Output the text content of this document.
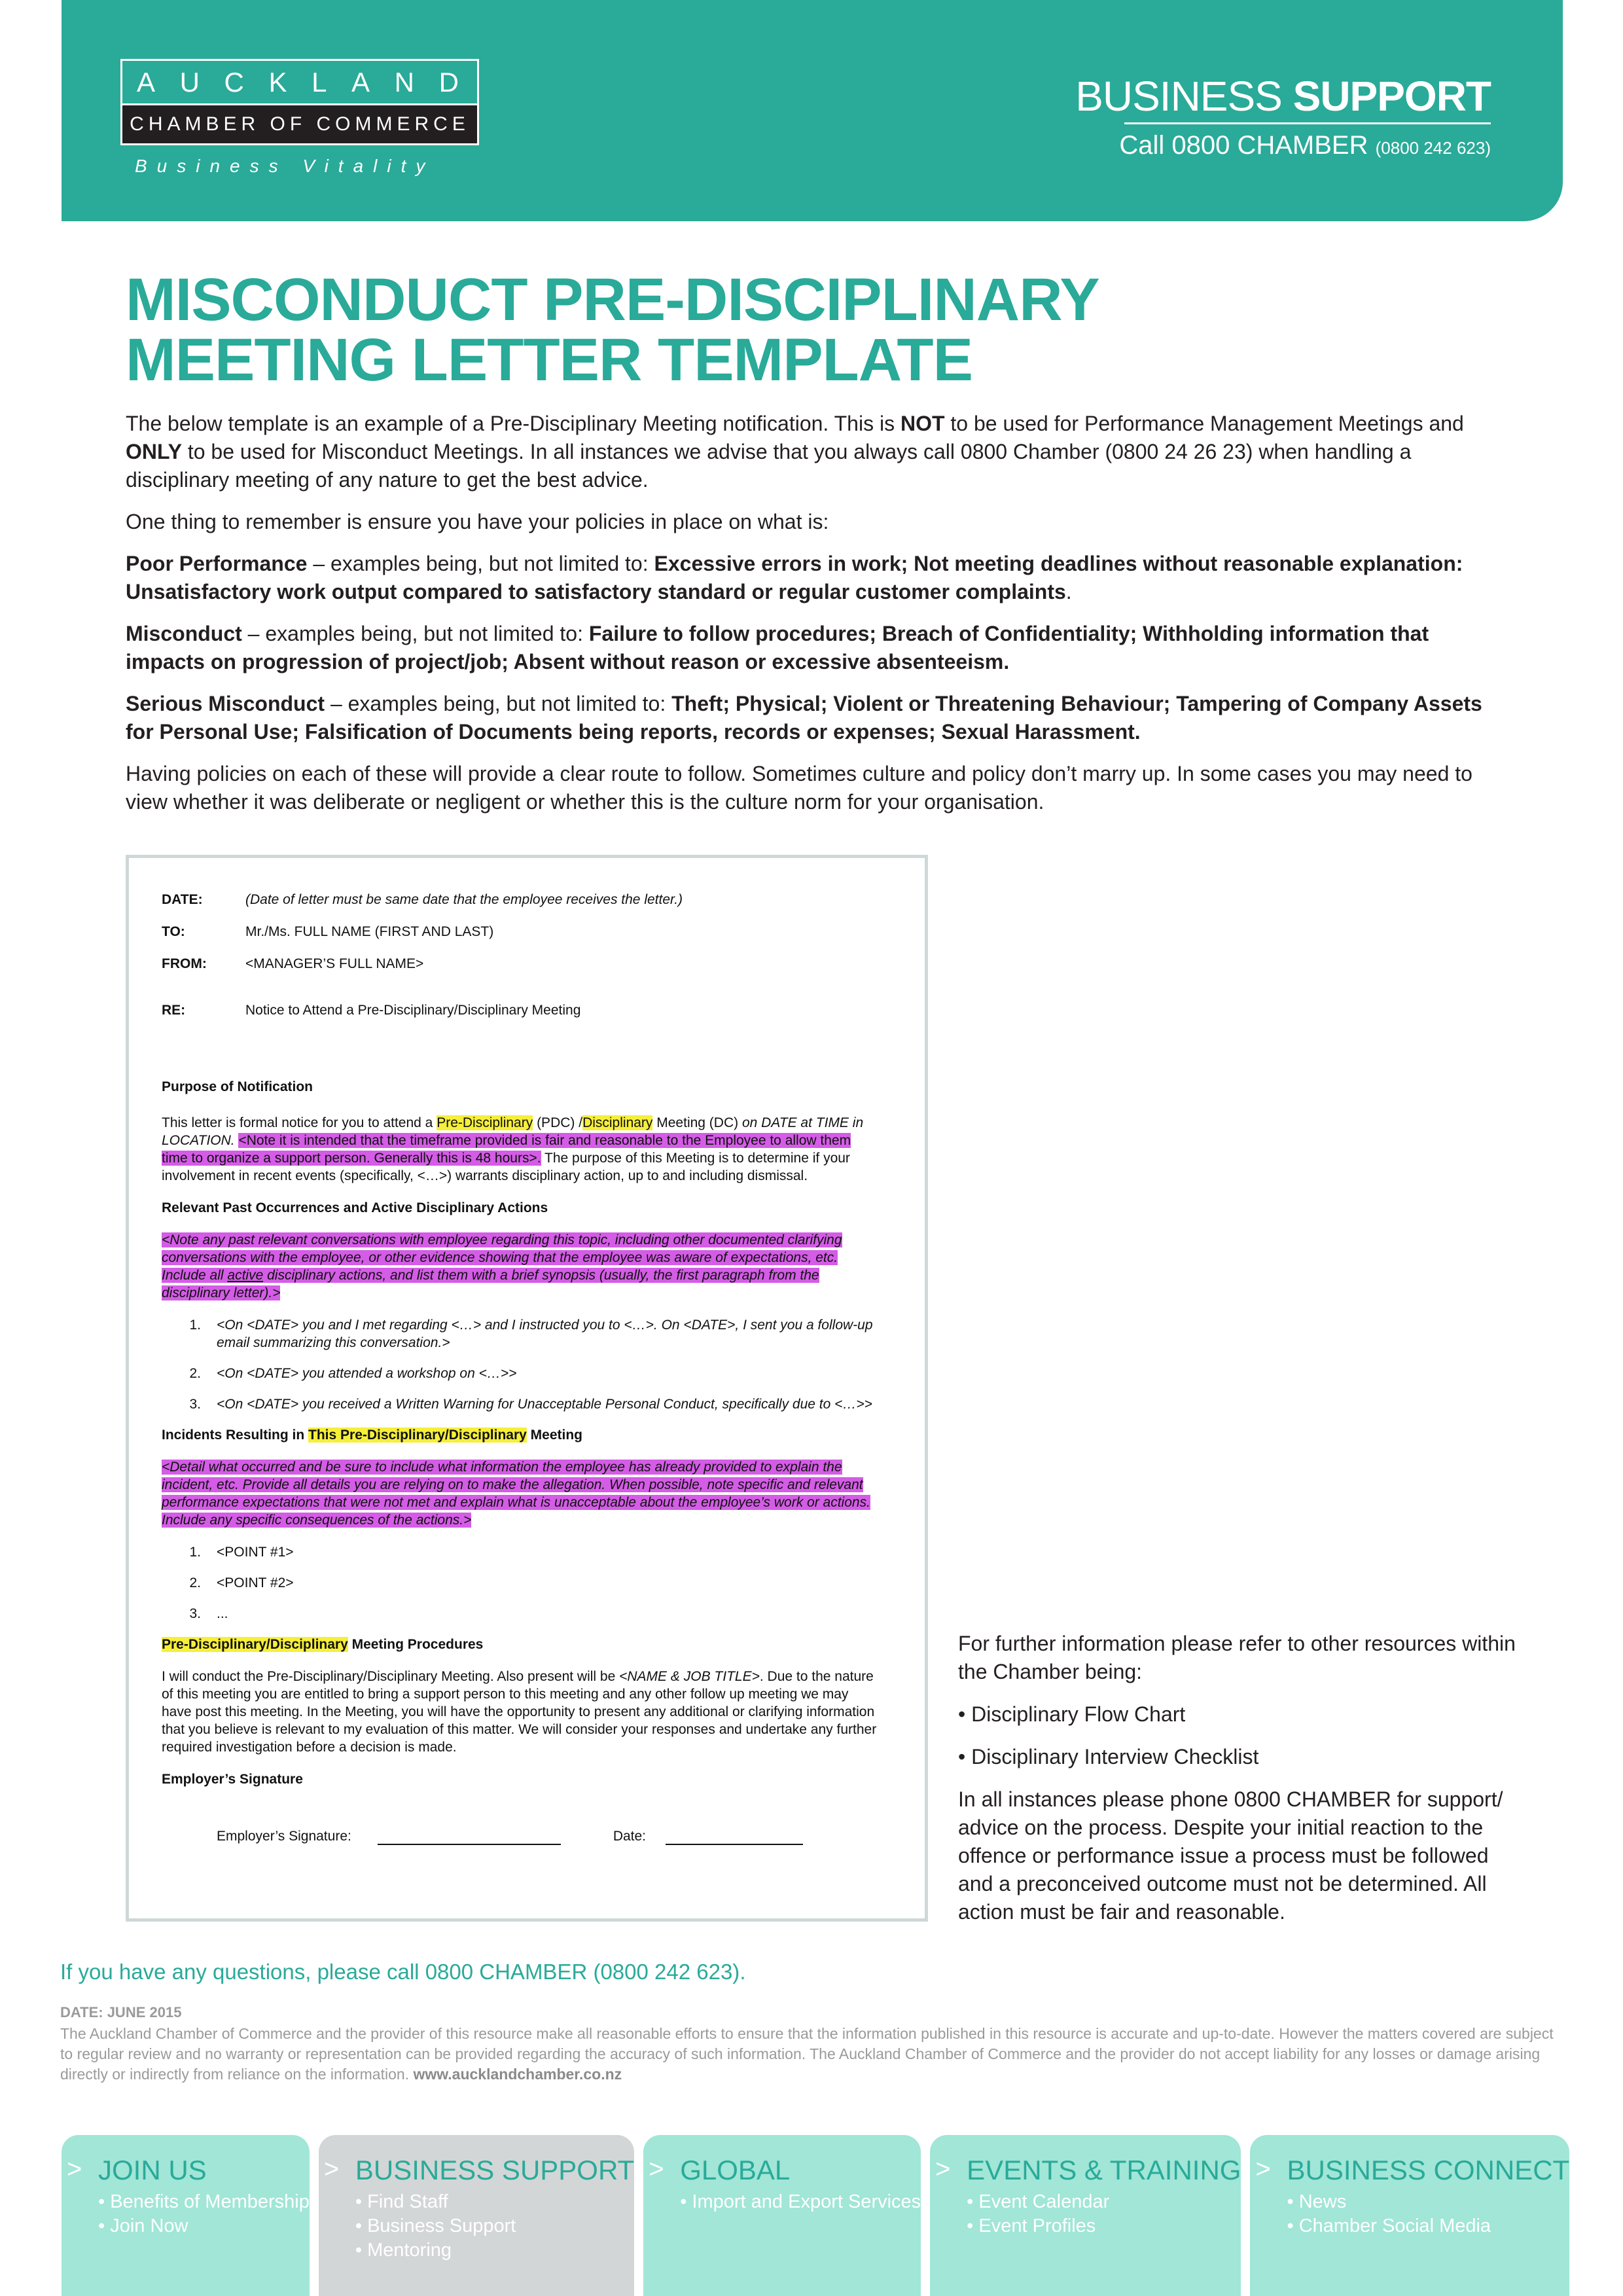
A U C K L A N D
CHAMBER OF COMMERCE
Business Vitality
BUSINESS SUPPORT
Call 0800 CHAMBER (0800 242 623)
MISCONDUCT PRE-DISCIPLINARY
MEETING LETTER TEMPLATE

The below template is an example of a Pre-Disciplinary Meeting notification. This is NOT to be used for Performance Management Meetings and ONLY to be used for Misconduct Meetings. In all instances we advise that you always call 0800 Chamber (0800 24 26 23) when handling a disciplinary meeting of any nature to get the best advice.

One thing to remember is ensure you have your policies in place on what is:

Poor Performance – examples being, but not limited to: Excessive errors in work; Not meeting deadlines without reasonable explanation: Unsatisfactory work output compared to satisfactory standard or regular customer complaints.

Misconduct – examples being, but not limited to: Failure to follow procedures; Breach of Confidentiality; Withholding information that impacts on progression of project/job; Absent without reason or excessive absenteeism.

Serious Misconduct – examples being, but not limited to: Theft; Physical; Violent or Threatening Behaviour; Tampering of Company Assets for Personal Use; Falsification of Documents being reports, records or expenses; Sexual Harassment.

Having policies on each of these will provide a clear route to follow. Sometimes culture and policy don’t marry up. In some cases you may need to view whether it was deliberate or negligent or whether this is the culture norm for your organisation.

DATE:	(Date of letter must be same date that the employee receives the letter.)
TO:	Mr./Ms. FULL NAME (FIRST AND LAST)
FROM:	<MANAGER’S FULL NAME>
RE:	Notice to Attend a Pre-Disciplinary/Disciplinary Meeting
Purpose of Notification

This letter is formal notice for you to attend a Pre-Disciplinary (PDC) /Disciplinary Meeting (DC) on DATE at TIME in LOCATION. <Note it is intended that the timeframe provided is fair and reasonable to the Employee to allow them time to organize a support person. Generally this is 48 hours>. The purpose of this Meeting is to determine if your involvement in recent events (specifically, <…>) warrants disciplinary action, up to and including dismissal.

Relevant Past Occurrences and Active Disciplinary Actions

<Note any past relevant conversations with employee regarding this topic, including other documented clarifying conversations with the employee, or other evidence showing that the employee was aware of expectations, etc. Include all active disciplinary actions, and list them with a brief synopsis (usually, the first paragraph from the disciplinary letter).>

1.	<On <DATE> you and I met regarding <…> and I instructed you to <…>. On <DATE>, I sent you a follow-up email summarizing this conversation.>
2.	<On <DATE> you attended a workshop on <…>>
3.	<On <DATE> you received a Written Warning for Unacceptable Personal Conduct, specifically due to <…>>
Incidents Resulting in This Pre-Disciplinary/Disciplinary Meeting

<Detail what occurred and be sure to include what information the employee has already provided to explain the incident, etc. Provide all details you are relying on to make the allegation. When possible, note specific and relevant performance expectations that were not met and explain what is unacceptable about the employee’s work or actions. Include any specific consequences of the actions.>

1.	<POINT #1>
2.	<POINT #2>
3.	...
Pre-Disciplinary/Disciplinary Meeting Procedures

I will conduct the Pre-Disciplinary/Disciplinary Meeting. Also present will be <NAME & JOB TITLE>. Due to the nature of this meeting you are entitled to bring a support person to this meeting and any other follow up meeting we may have post this meeting. In the Meeting, you will have the opportunity to present any additional or clarifying information that you believe is relevant to my evaluation of this matter. We will consider your responses and undertake any further required investigation before a decision is made.

Employer’s Signature
Employer’s Signature:	Date:

For further information please refer to other resources within the Chamber being:

• Disciplinary Flow Chart

• Disciplinary Interview Checklist

In all instances please phone 0800 CHAMBER for support/ advice on the process. Despite your initial reaction to the offence or performance issue a process must be followed and a preconceived outcome must not be determined. All action must be fair and reasonable.

If you have any questions, please call 0800 CHAMBER (0800 242 623).
DATE: JUNE 2015
The Auckland Chamber of Commerce and the provider of this resource make all reasonable efforts to ensure that the information published in this resource is accurate and up-to-date. However the matters covered are subject to regular review and no warranty or representation can be provided regarding the accuracy of such information. The Auckland Chamber of Commerce and the provider do not accept liability for any losses or damage arising directly or indirectly from reliance on the information. www.aucklandchamber.co.nz
> JOIN US
• Benefits of Membership
• Join Now
> BUSINESS SUPPORT
• Find Staff
• Business Support
• Mentoring
> GLOBAL
• Import and Export Services
> EVENTS & TRAINING
• Event Calendar
• Event Profiles
> BUSINESS CONNECT
• News
• Chamber Social Media
